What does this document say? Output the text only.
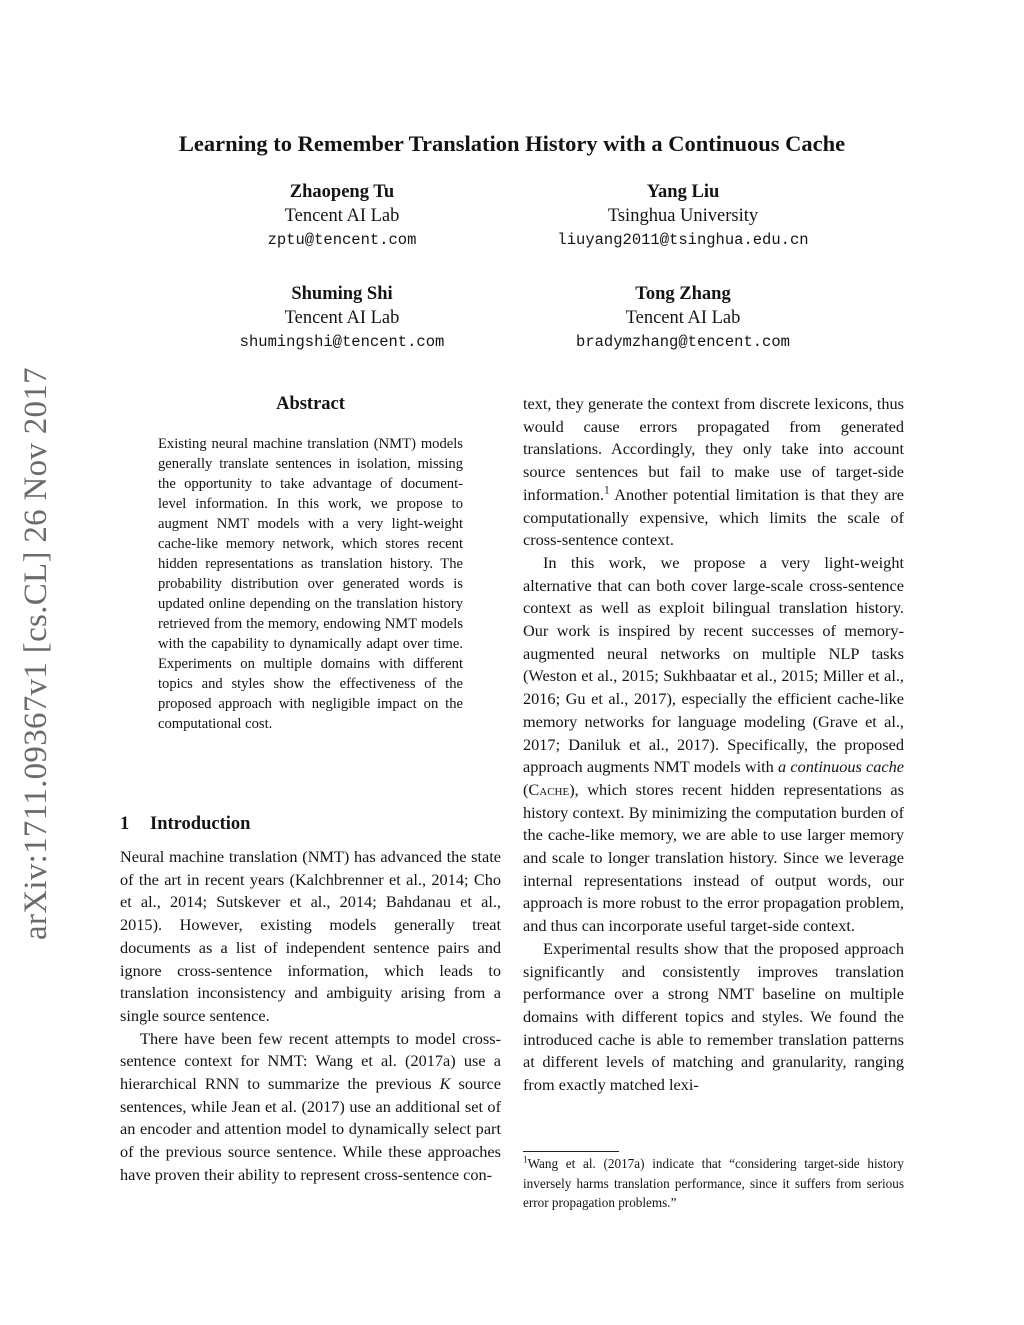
arXiv:1711.09367v1 [cs.CL] 26 Nov 2017
Learning to Remember Translation History with a Continuous Cache
Zhaopeng Tu
Tencent AI Lab
zptu@tencent.com
Yang Liu
Tsinghua University
liuyang2011@tsinghua.edu.cn
Shuming Shi
Tencent AI Lab
shumingshi@tencent.com
Tong Zhang
Tencent AI Lab
bradymzhang@tencent.com
Abstract
Existing neural machine translation (NMT) models generally translate sentences in isolation, missing the opportunity to take advantage of document-level information. In this work, we propose to augment NMT models with a very light-weight cache-like memory network, which stores recent hidden representations as translation history. The probability distribution over generated words is updated online depending on the translation history retrieved from the memory, endowing NMT models with the capability to dynamically adapt over time. Experiments on multiple domains with different topics and styles show the effectiveness of the proposed approach with negligible impact on the computational cost.
1 Introduction

Neural machine translation (NMT) has advanced the state of the art in recent years (Kalchbrenner et al., 2014; Cho et al., 2014; Sutskever et al., 2014; Bahdanau et al., 2015). However, existing models generally treat documents as a list of independent sentence pairs and ignore cross-sentence information, which leads to translation inconsistency and ambiguity arising from a single source sentence.

There have been few recent attempts to model cross-sentence context for NMT: Wang et al. (2017a) use a hierarchical RNN to summarize the previous K source sentences, while Jean et al. (2017) use an additional set of an encoder and attention model to dynamically select part of the previous source sentence. While these approaches have proven their ability to represent cross-sentence con-

text, they generate the context from discrete lexicons, thus would cause errors propagated from generated translations. Accordingly, they only take into account source sentences but fail to make use of target-side information.$^1$ Another potential limitation is that they are computationally expensive, which limits the scale of cross-sentence context.

In this work, we propose a very light-weight alternative that can both cover large-scale cross-sentence context as well as exploit bilingual translation history. Our work is inspired by recent successes of memory-augmented neural networks on multiple NLP tasks (Weston et al., 2015; Sukhbaatar et al., 2015; Miller et al., 2016; Gu et al., 2017), especially the efficient cache-like memory networks for language modeling (Grave et al., 2017; Daniluk et al., 2017). Specifically, the proposed approach augments NMT models with a continuous cache (Cache), which stores recent hidden representations as history context. By minimizing the computation burden of the cache-like memory, we are able to use larger memory and scale to longer translation history. Since we leverage internal representations instead of output words, our approach is more robust to the error propagation problem, and thus can incorporate useful target-side context.

Experimental results show that the proposed approach significantly and consistently improves translation performance over a strong NMT baseline on multiple domains with different topics and styles. We found the introduced cache is able to remember translation patterns at different levels of matching and granularity, ranging from exactly matched lexi-

$^1$Wang et al. (2017a) indicate that “considering target-side history inversely harms translation performance, since it suffers from serious error propagation problems.”
